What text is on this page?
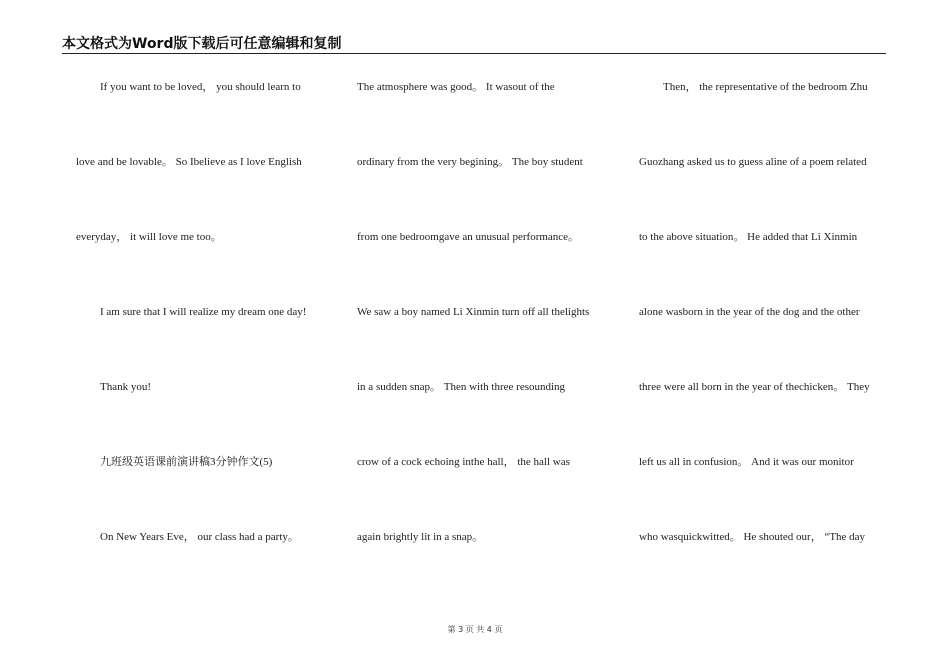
本文格式为Word版下载后可任意编辑和复制
If you want to be loved， you should learn to
love and be lovable。 So Ibelieve as I love English
everyday， it will love me too。
I am sure that I will realize my dream one day!
Thank you!
九班级英语课前演讲稿3分钟作文(5)
On New Years Eve， our class had a party。
The atmosphere was good。 It wasout of the
ordinary from the very begining。 The boy student
from one bedroomgave an unusual performance。
We saw a boy named Li Xinmin turn off all thelights
in a sudden snap。 Then with three resounding
crow of a cock echoing inthe hall， the hall was
again brightly lit in a snap。
Then， the representative of the bedroom Zhu
Guozhang asked us to guess aline of a poem related
to the above situation。 He added that Li Xinmin
alone wasborn in the year of the dog and the other
three were all born in the year of thechicken。 They
left us all in confusion。 And it was our monitor
who wasquickwitted。 He shouted our， “The day
第 3 页 共 4 页
